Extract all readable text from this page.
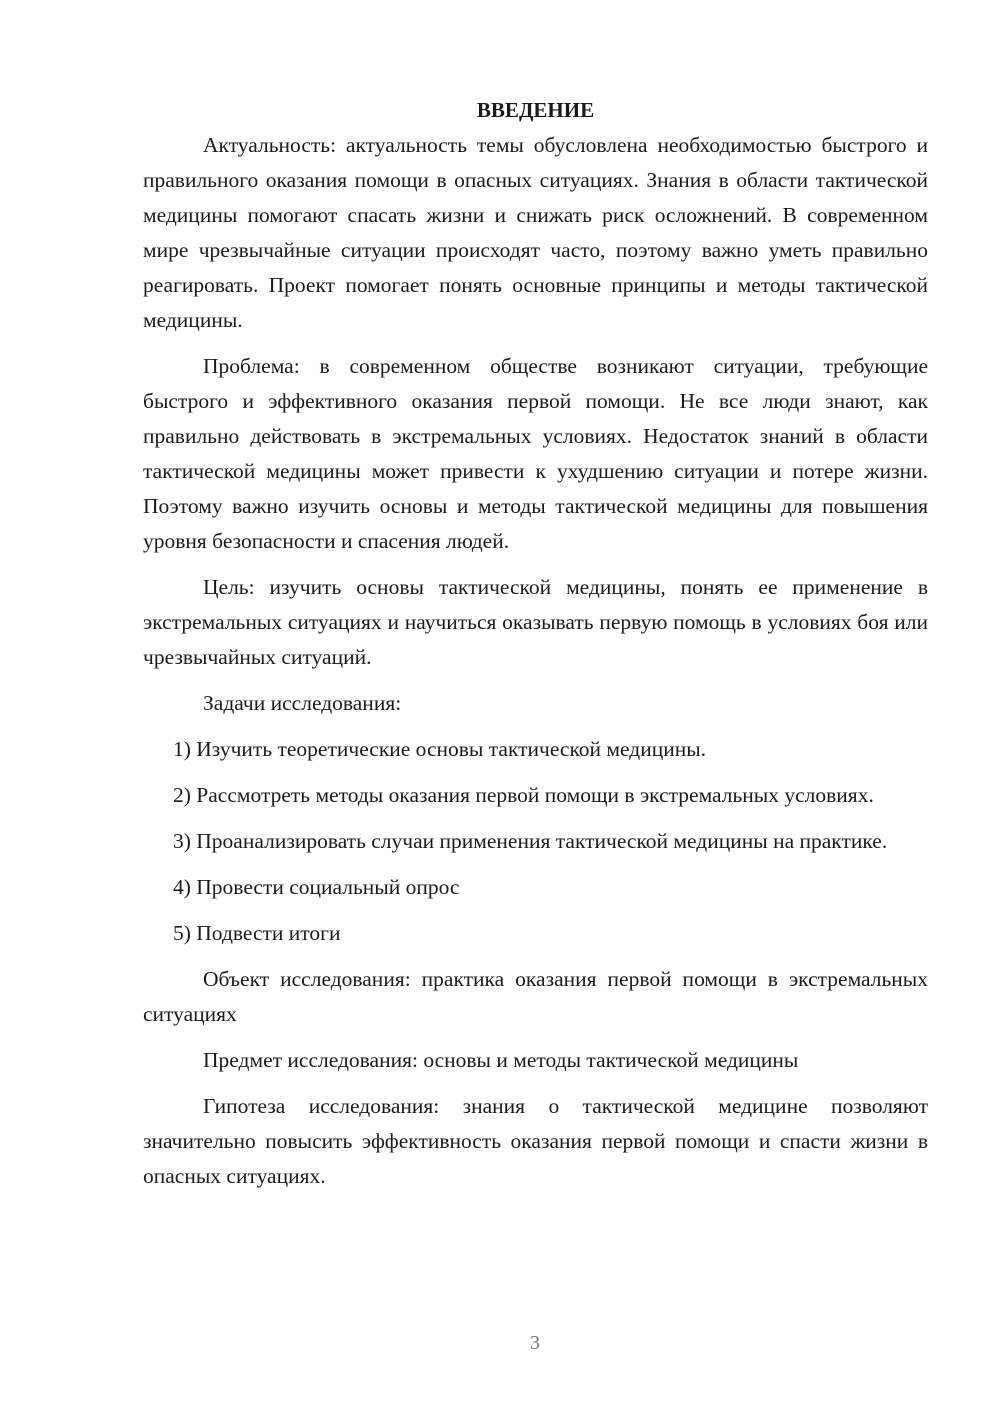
ВВЕДЕНИЕ

Актуальность: актуальность темы обусловлена необходимостью быстрого и правильного оказания помощи в опасных ситуациях. Знания в области тактической медицины помогают спасать жизни и снижать риск осложнений. В современном мире чрезвычайные ситуации происходят часто, поэтому важно уметь правильно реагировать. Проект помогает понять основные принципы и методы тактической медицины.

Проблема: в современном обществе возникают ситуации, требующие быстрого и эффективного оказания первой помощи. Не все люди знают, как правильно действовать в экстремальных условиях. Недостаток знаний в области тактической медицины может привести к ухудшению ситуации и потере жизни. Поэтому важно изучить основы и методы тактической медицины для повышения уровня безопасности и спасения людей.

Цель: изучить основы тактической медицины, понять ее применение в экстремальных ситуациях и научиться оказывать первую помощь в условиях боя или чрезвычайных ситуаций.

Задачи исследования:

1) Изучить теоретические основы тактической медицины.

2) Рассмотреть методы оказания первой помощи в экстремальных условиях.

3) Проанализировать случаи применения тактической медицины на практике.

4) Провести социальный опрос

5) Подвести итоги

Объект исследования: практика оказания первой помощи в экстремальных ситуациях

Предмет исследования: основы и методы тактической медицины

Гипотеза исследования: знания о тактической медицине позволяют значительно повысить эффективность оказания первой помощи и спасти жизни в опасных ситуациях.

3
